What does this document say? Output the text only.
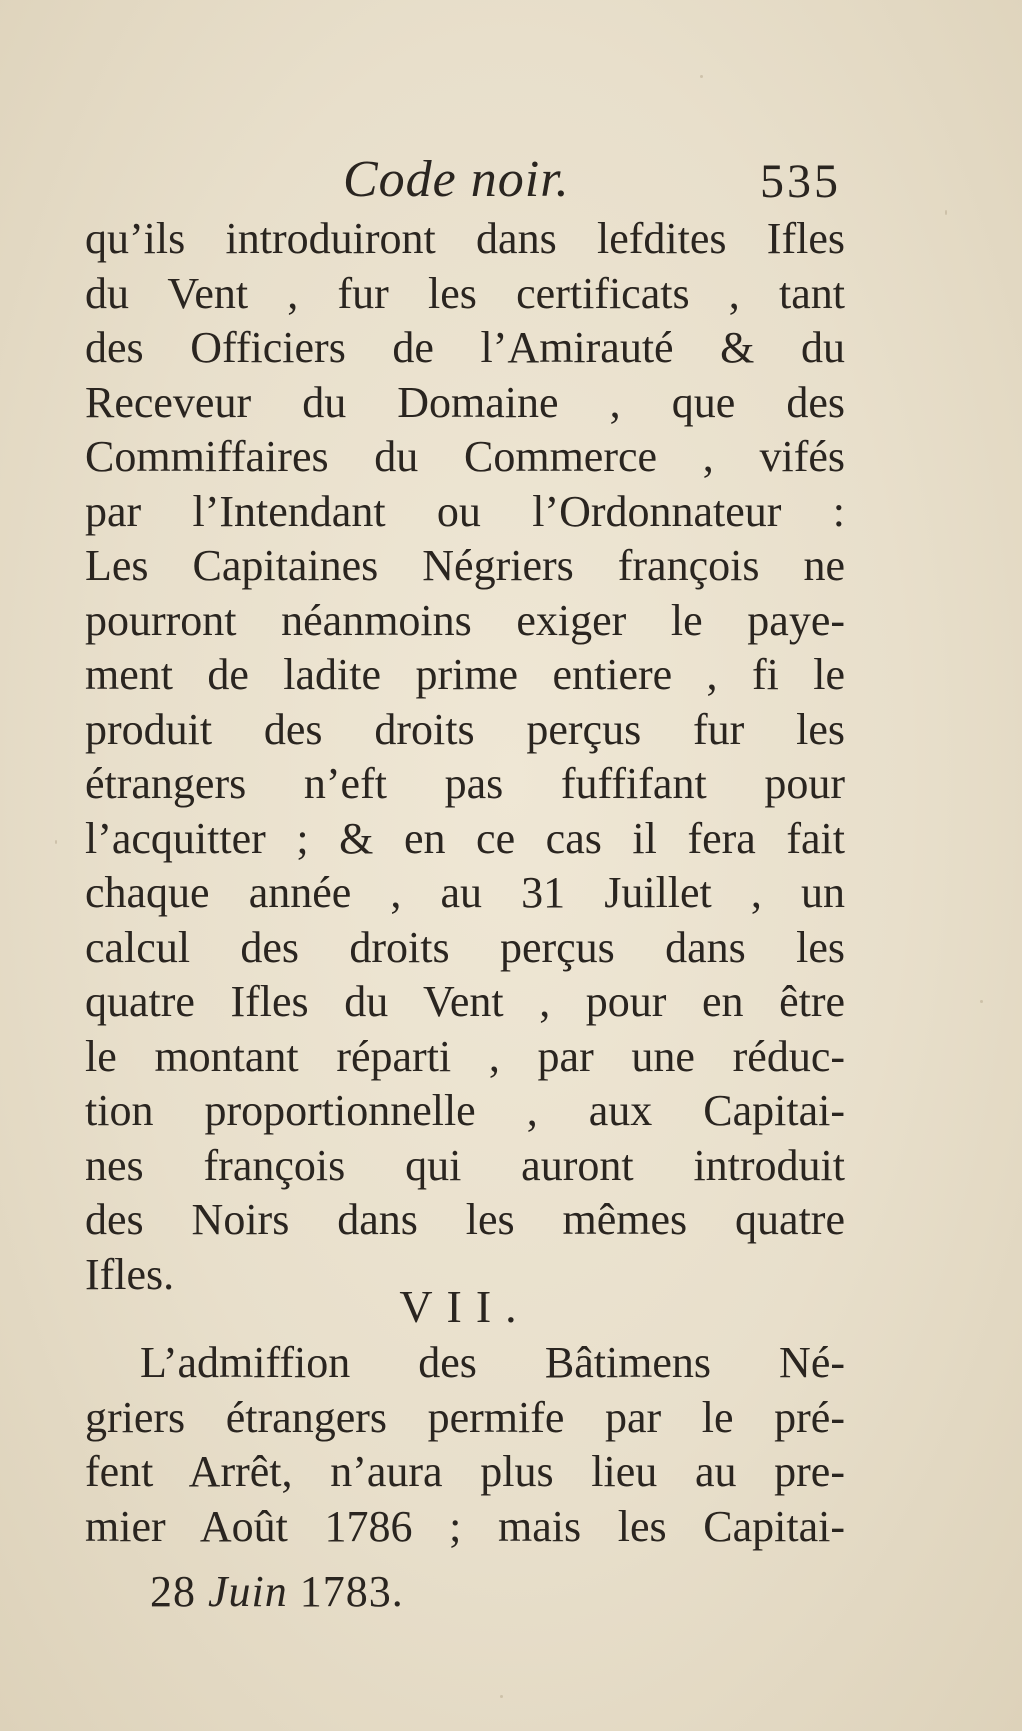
Code noir.	535
qu’ils introduiront dans lefdites Ifles
du Vent , fur les certificats , tant
des Officiers de l’Amirauté & du
Receveur du Domaine , que des
Commiffaires du Commerce , vifés
par l’Intendant ou l’Ordonnateur :
Les Capitaines Négriers françois ne
pourront néanmoins exiger le paye-
ment de ladite prime entiere , fi le
produit des droits perçus fur les
étrangers n’eft pas fuffifant pour
l’acquitter ; & en ce cas il fera fait
chaque année , au 31 Juillet , un
calcul des droits perçus dans les
quatre Ifles du Vent , pour en être
le montant réparti , par une réduc-
tion proportionnelle , aux Capitai-
nes françois qui auront introduit
des Noirs dans les mêmes quatre
Ifles.
VII.
L’admiffion des Bâtimens Né-
griers étrangers permife par le pré-
fent Arrêt, n’aura plus lieu au pre-
mier Août 1786 ; mais les Capitai-
28 Juin 1783.
